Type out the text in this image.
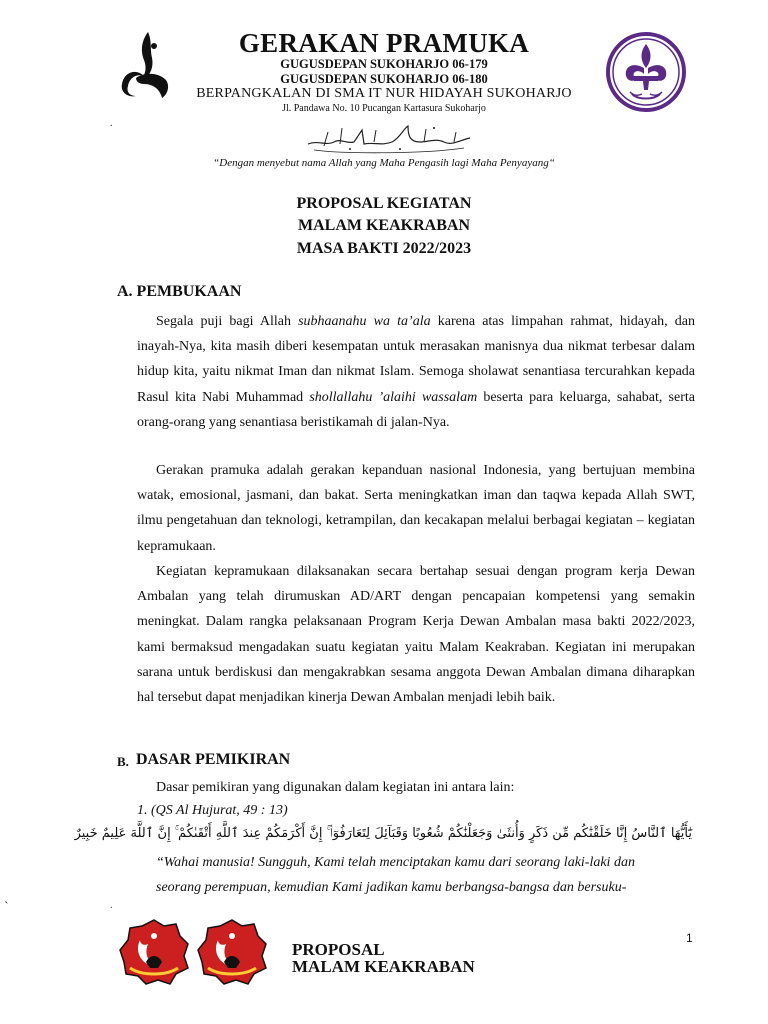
GERAKAN PRAMUKA
GUGUSDEPAN SUKOHARJO 06-179
GUGUSDEPAN SUKOHARJO 06-180
BERPANGKALAN DI SMA IT NUR HIDAYAH SUKOHARJO
Jl. Pandawa No. 10 Pucangan Kartasura Sukoharjo
“Dengan menyebut nama Allah yang Maha Pengasih lagi Maha Penyayang“
PROPOSAL KEGIATAN
MALAM KEAKRABAN
MASA BAKTI 2022/2023
A. PEMBUKAAN
Segala puji bagi Allah subhaanahu wa ta’ala karena atas limpahan rahmat, hidayah, dan inayah-Nya, kita masih diberi kesempatan untuk merasakan manisnya dua nikmat terbesar dalam hidup kita, yaitu nikmat Iman dan nikmat Islam. Semoga sholawat senantiasa tercurahkan kepada Rasul kita Nabi Muhammad shollallahu ’alaihi wassalam beserta para keluarga, sahabat, serta orang-orang yang senantiasa beristikamah di jalan-Nya.
Gerakan pramuka adalah gerakan kepanduan nasional Indonesia, yang bertujuan membina watak, emosional, jasmani, dan bakat. Serta meningkatkan iman dan taqwa kepada Allah SWT, ilmu pengetahuan dan teknologi, ketrampilan, dan kecakapan melalui berbagai kegiatan – kegiatan kepramukaan.
Kegiatan kepramukaan dilaksanakan secara bertahap sesuai dengan program kerja Dewan Ambalan yang telah dirumuskan AD/ART dengan pencapaian kompetensi yang semakin meningkat. Dalam rangka pelaksanaan Program Kerja Dewan Ambalan masa bakti 2022/2023, kami bermaksud mengadakan suatu kegiatan yaitu Malam Keakraban. Kegiatan ini merupakan sarana untuk berdiskusi dan mengakrabkan sesama anggota Dewan Ambalan dimana diharapkan hal tersebut dapat menjadikan kinerja Dewan Ambalan menjadi lebih baik.
B. DASAR PEMIKIRAN
Dasar pemikiran yang digunakan dalam kegiatan ini antara lain:
1. (QS Al Hujurat, 49 : 13)
يَٰٓأَيُّهَا ٱلنَّاسُ إِنَّا خَلَقْنَٰكُم مِّن ذَكَرٍ وَأُنثَىٰ وَجَعَلْنَٰكُمْ شُعُوبًا وَقَبَآئِلَ لِتَعَارَفُوٓا۟ ۚ إِنَّ أَكْرَمَكُمْ عِندَ ٱللَّهِ أَتْقَىٰكُمْ ۚ إِنَّ ٱللَّهَ عَلِيمٌ خَبِيرٌ
“Wahai manusia! Sungguh, Kami telah menciptakan kamu dari seorang laki-laki dan
seorang perempuan, kemudian Kami jadikan kamu berbangsa-bangsa dan bersuku-
PROPOSAL
MALAM KEAKRABAN
1
.
ˋ	.
